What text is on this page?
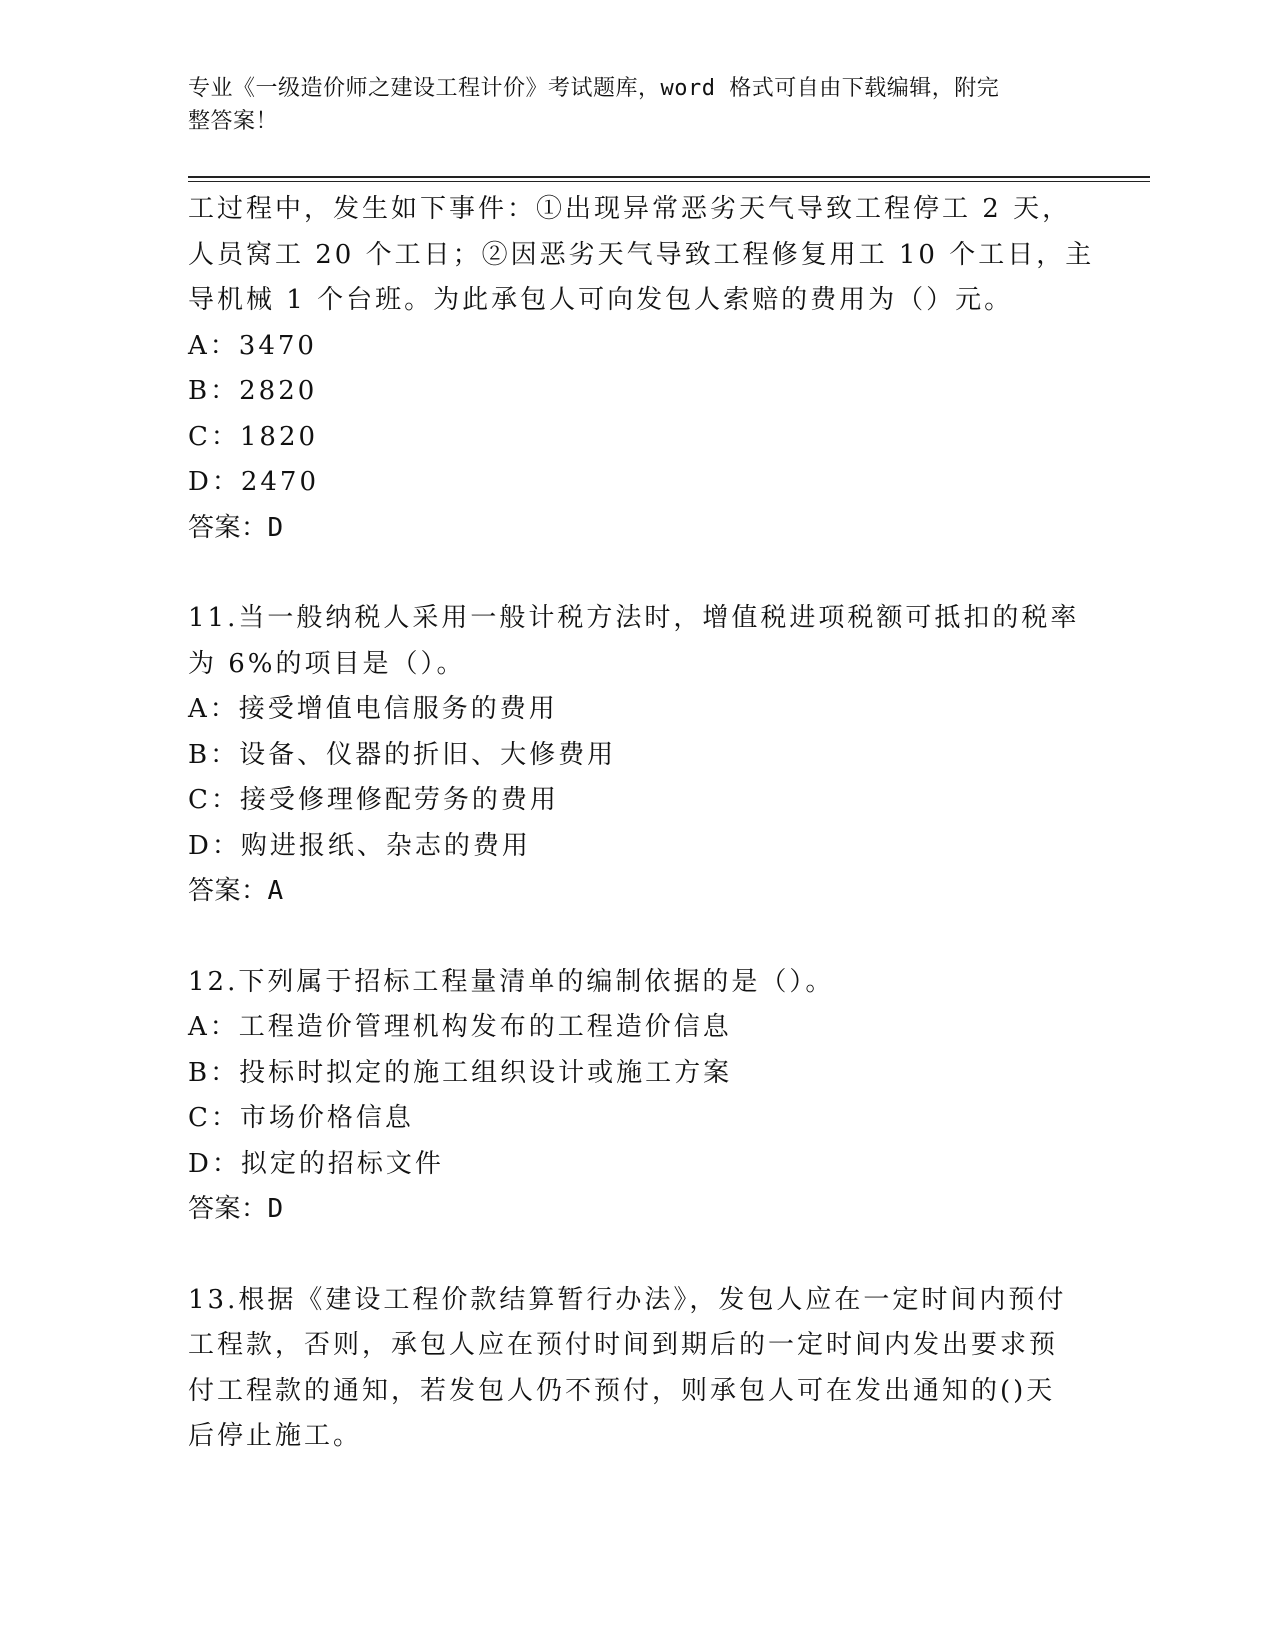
专业《一级造价师之建设工程计价》考试题库，word 格式可自由下载编辑，附完
整答案！
工过程中，发生如下事件：①出现异常恶劣天气导致工程停工 2 天，
人员窝工 20 个工日；②因恶劣天气导致工程修复用工 10 个工日，主
导机械 1 个台班。为此承包人可向发包人索赔的费用为（）元。
A：3470
B：2820
C：1820
D：2470
答案：D
11.当一般纳税人采用一般计税方法时，增值税进项税额可抵扣的税率
为 6%的项目是（）。
A：接受增值电信服务的费用
B：设备、仪器的折旧、大修费用
C：接受修理修配劳务的费用
D：购进报纸、杂志的费用
答案：A
12.下列属于招标工程量清单的编制依据的是（）。
A：工程造价管理机构发布的工程造价信息
B：投标时拟定的施工组织设计或施工方案
C：市场价格信息
D：拟定的招标文件
答案：D
13.根据《建设工程价款结算暂行办法》，发包人应在一定时间内预付
工程款，否则，承包人应在预付时间到期后的一定时间内发出要求预
付工程款的通知，若发包人仍不预付，则承包人可在发出通知的()天
后停止施工。
